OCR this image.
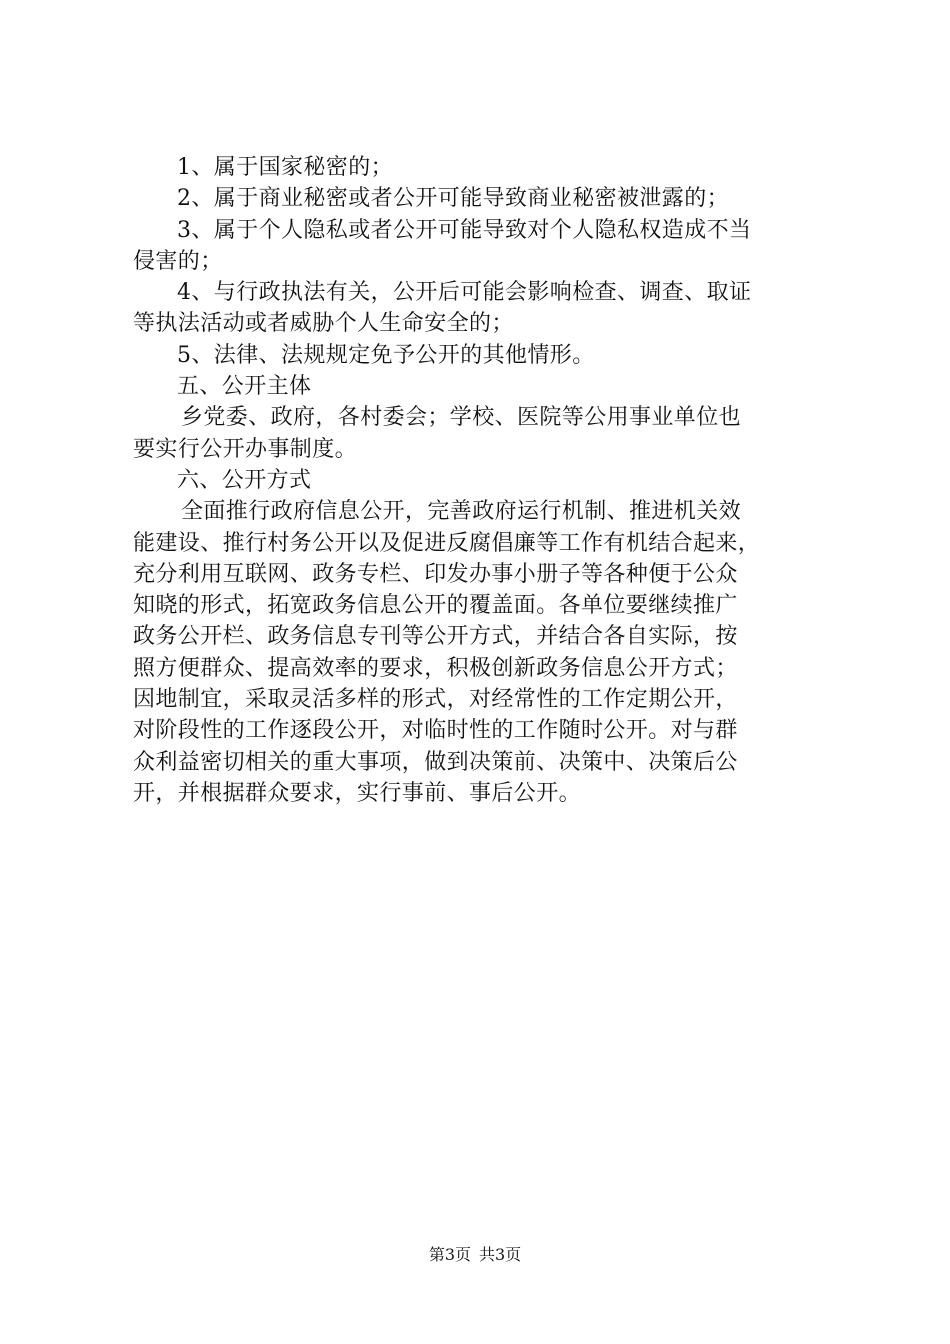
1、属于国家秘密的；
2、属于商业秘密或者公开可能导致商业秘密被泄露的；
3、属于个人隐私或者公开可能导致对个人隐私权造成不当
侵害的；
4、与行政执法有关，公开后可能会影响检查、调查、取证
等执法活动或者威胁个人生命安全的；
5、法律、法规规定免予公开的其他情形。
五、公开主体
乡党委、政府，各村委会；学校、医院等公用事业单位也
要实行公开办事制度。
六、公开方式
全面推行政府信息公开，完善政府运行机制、推进机关效
能建设、推行村务公开以及促进反腐倡廉等工作有机结合起来，
充分利用互联网、政务专栏、印发办事小册子等各种便于公众
知晓的形式，拓宽政务信息公开的覆盖面。各单位要继续推广
政务公开栏、政务信息专刊等公开方式，并结合各自实际，按
照方便群众、提高效率的要求，积极创新政务信息公开方式；
因地制宜，采取灵活多样的形式，对经常性的工作定期公开，
对阶段性的工作逐段公开，对临时性的工作随时公开。对与群
众利益密切相关的重大事项，做到决策前、决策中、决策后公
开，并根据群众要求，实行事前、事后公开。
第3页 共3页
